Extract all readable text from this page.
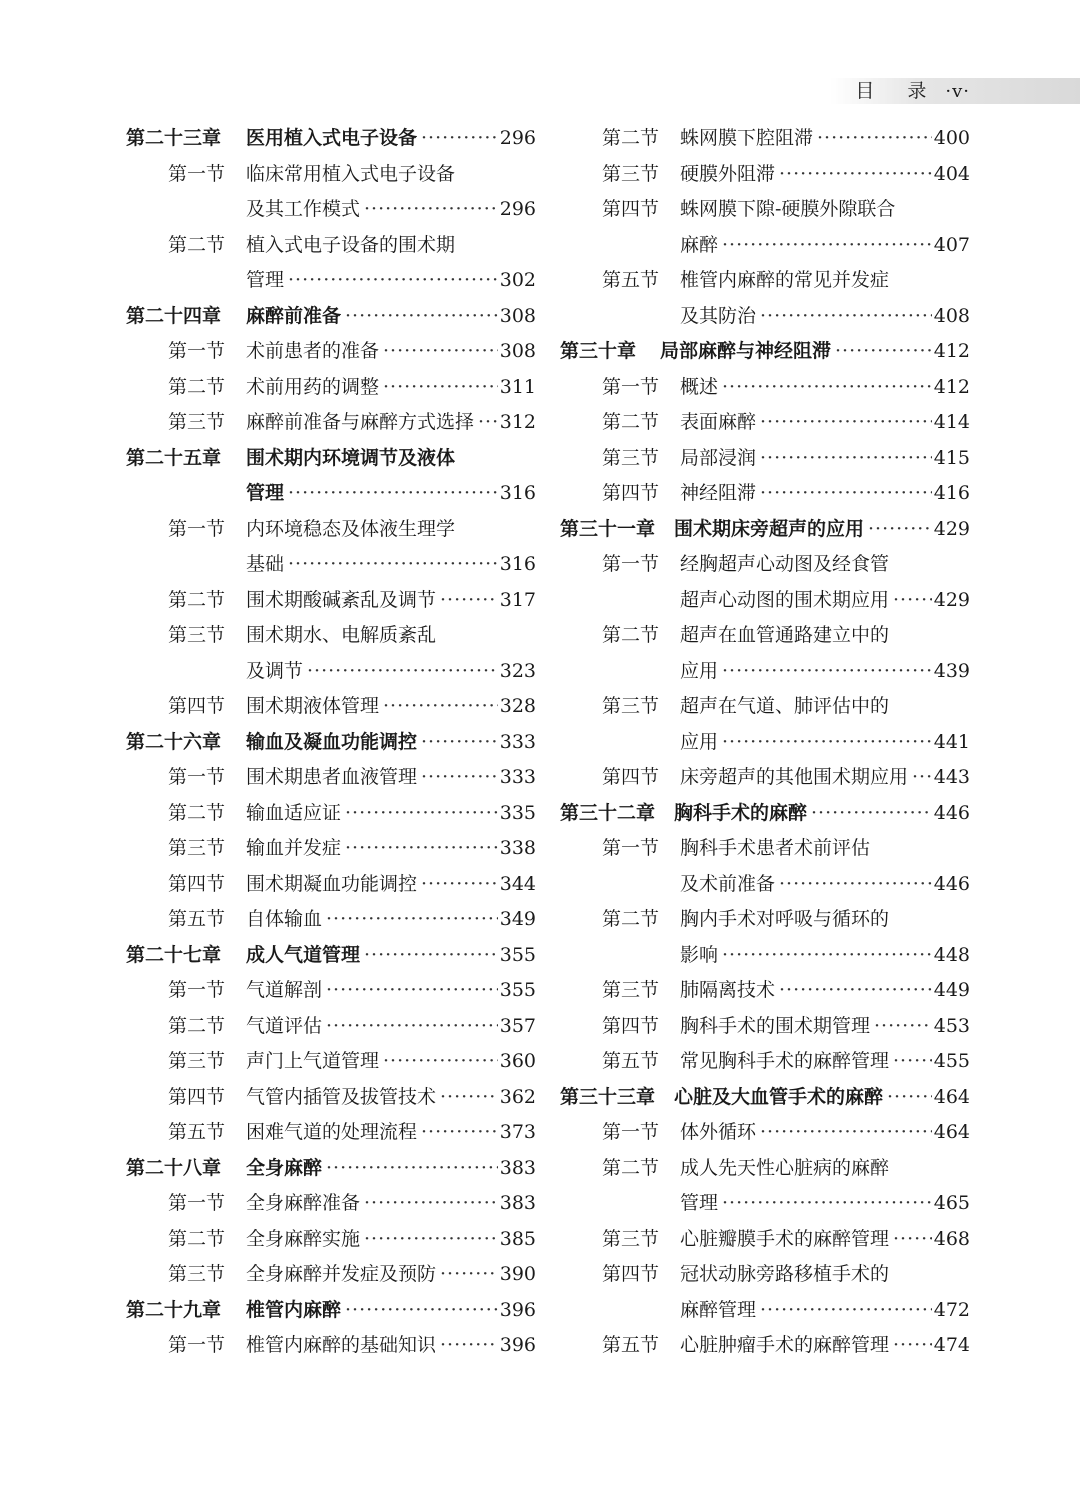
目 录 ·v·
第二十三章 医用植入式电子设备 ·····	296
第一节 临床常用植入式电子设备
及其工作模式 ·····	296
第二节 植入式电子设备的围术期
管理 ·····	302
第二十四章 麻醉前准备 ·····	308
第一节 术前患者的准备 ·····	308
第二节 术前用药的调整 ·····	311
第三节 麻醉前准备与麻醉方式选择 ····· 312
第二十五章 围术期内环境调节及液体
管理 ·····	316
第一节 内环境稳态及体液生理学
基础 ·····	316
第二节 围术期酸碱紊乱及调节 ·····	317
第三节 围术期水、电解质紊乱
及调节 ·····	323
第四节 围术期液体管理 ·····	328
第二十六章 输血及凝血功能调控 ·····	333
第一节 围术期患者血液管理 ·····	333
第二节 输血适应证 ·····	335
第三节 输血并发症 ·····	338
第四节 围术期凝血功能调控 ·····	344
第五节 自体输血 ·····	349
第二十七章 成人气道管理 ·····	355
第一节 气道解剖 ·····	355
第二节 气道评估 ·····	357
第三节 声门上气道管理 ·····	360
第四节 气管内插管及拔管技术 ·····	362
第五节 困难气道的处理流程 ·····	373
第二十八章 全身麻醉 ·····	383
第一节 全身麻醉准备 ·····	383
第二节 全身麻醉实施 ·····	385
第三节 全身麻醉并发症及预防 ·····	390
第二十九章 椎管内麻醉 ·····	396
第一节 椎管内麻醉的基础知识 ·····	396
第二节 蛛网膜下腔阻滞 ·····	400
第三节 硬膜外阻滞 ·····	404
第四节 蛛网膜下隙-硬膜外隙联合
麻醉 ·····	407
第五节 椎管内麻醉的常见并发症
及其防治 ·····	408
第三十章 局部麻醉与神经阻滞 ·····	412
第一节 概述 ·····	412
第二节 表面麻醉 ·····	414
第三节 局部浸润 ·····	415
第四节 神经阻滞 ·····	416
第三十一章 围术期床旁超声的应用 ·····	429
第一节 经胸超声心动图及经食管
超声心动图的围术期应用 ····· 429
第二节 超声在血管通路建立中的
应用 ·····	439
第三节 超声在气道、肺评估中的
应用 ·····	441
第四节 床旁超声的其他围术期应用 ····· 443
第三十二章 胸科手术的麻醉 ·····	446
第一节 胸科手术患者术前评估
及术前准备 ·····	446
第二节 胸内手术对呼吸与循环的
影响 ·····	448
第三节 肺隔离技术 ·····	449
第四节 胸科手术的围术期管理 ·····	453
第五节 常见胸科手术的麻醉管理 ····· 455
第三十三章 心脏及大血管手术的麻醉 ·····	464
第一节 体外循环 ·····	464
第二节 成人先天性心脏病的麻醉
管理 ·····	465
第三节 心脏瓣膜手术的麻醉管理 ····· 468
第四节 冠状动脉旁路移植手术的
麻醉管理 ·····	472
第五节 心脏肿瘤手术的麻醉管理 ····· 474
